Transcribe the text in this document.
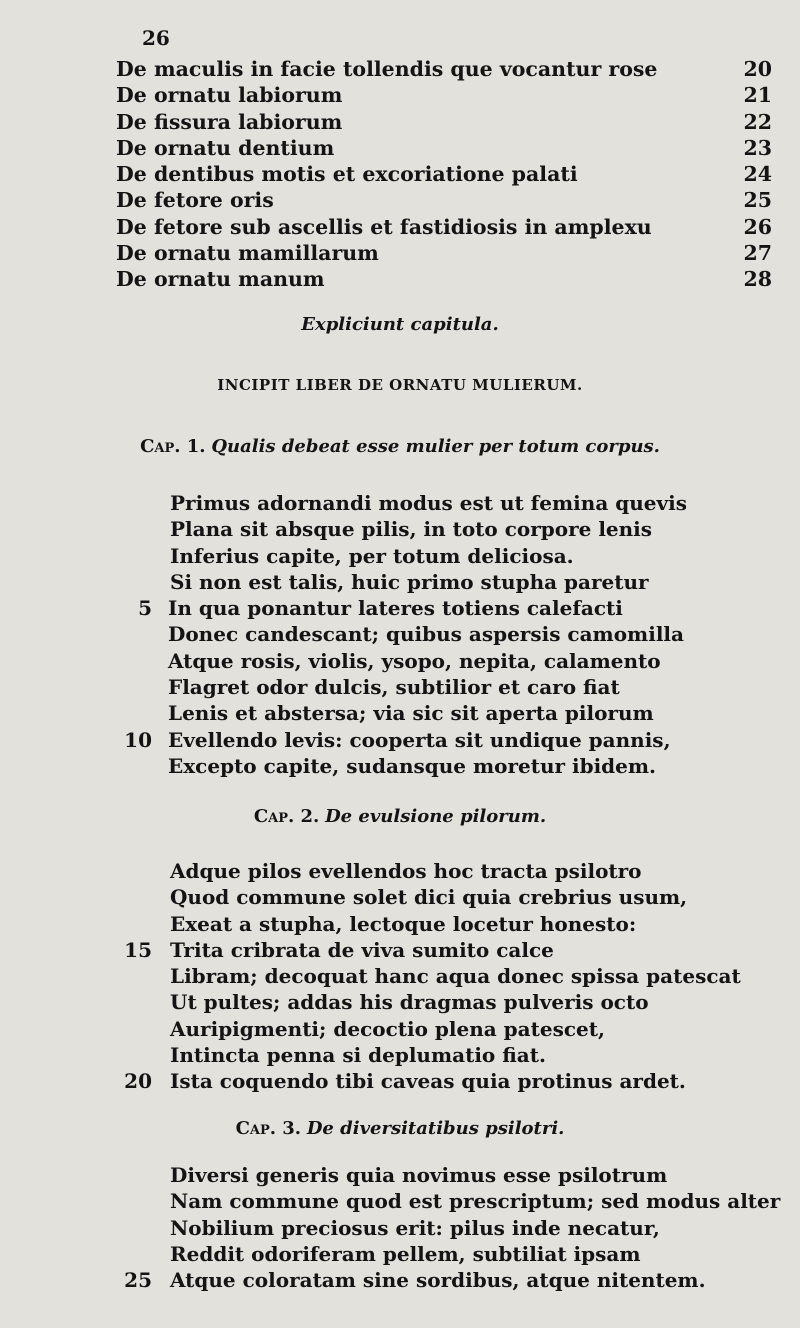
26
De maculis in facie tollendis que vocantur rose	20
De ornatu labiorum	21
De fissura labiorum	22
De ornatu dentium	23
De dentibus motis et excoriatione palati	24
De fetore oris	25
De fetore sub ascellis et fastidiosis in amplexu	26
De ornatu mamillarum	27
De ornatu manum	28
Expliciunt capitula.
INCIPIT LIBER DE ORNATU MULIERUM.
Cap. 1. Qualis debeat esse mulier per totum corpus.
Primus adornandi modus est ut femina quevis
Plana sit absque pilis, in toto corpore lenis
Inferius capite, per totum deliciosa.
Si non est talis, huic primo stupha paretur
5 In qua ponantur lateres totiens calefacti
Donec candescant; quibus aspersis camomilla
Atque rosis, violis, ysopo, nepita, calamento
Flagret odor dulcis, subtilior et caro fiat
Lenis et abstersa; via sic sit aperta pilorum
10 Evellendo levis: cooperta sit undique pannis,
Excepto capite, sudansque moretur ibidem.
Cap. 2. De evulsione pilorum.
Adque pilos evellendos hoc tracta psilotro
Quod commune solet dici quia crebrius usum,
Exeat a stupha, lectoque locetur honesto:
15 Trita cribrata de viva sumito calce
Libram; decoquat hanc aqua donec spissa patescat
Ut pultes; addas his dragmas pulveris octo
Auripigmenti; decoctio plena patescet,
Intincta penna si deplumatio fiat.
20 Ista coquendo tibi caveas quia protinus ardet.
Cap. 3. De diversitatibus psilotri.
Diversi generis quia novimus esse psilotrum
Nam commune quod est prescriptum; sed modus alter
Nobilium preciosus erit: pilus inde necatur,
Reddit odoriferam pellem, subtiliat ipsam
25 Atque coloratam sine sordibus, atque nitentem.
